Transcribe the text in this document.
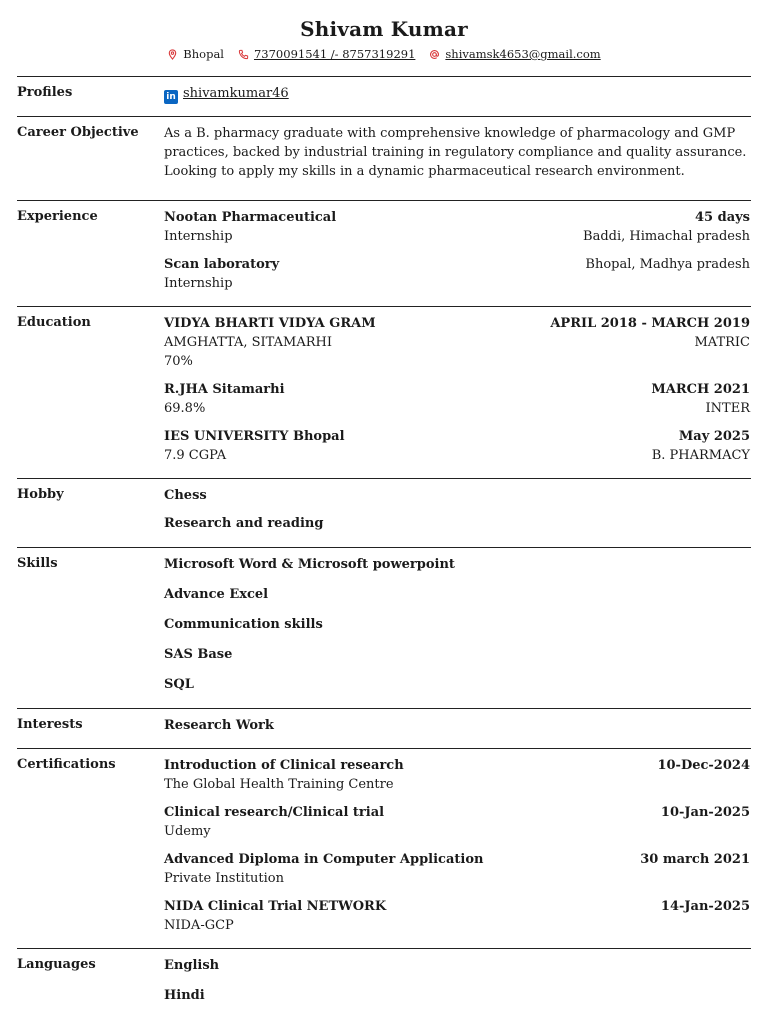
Shivam Kumar
Bhopal	7370091541 /- 8757319291	shivamsk4653@gmail.com
Profiles	in shivamkumar46
Career Objective As a B. pharmacy graduate with comprehensive knowledge of pharmacology and GMP
practices, backed by industrial training in regulatory compliance and quality assurance.
Looking to apply my skills in a dynamic pharmaceutical research environment.
Experience	Nootan Pharmaceutical	45 days
Internship	Baddi, Himachal pradesh
Scan laboratory	Bhopal, Madhya pradesh
Internship
Education	VIDYA BHARTI VIDYA GRAM	APRIL 2018 - MARCH 2019
AMGHATTA, SITAMARHI	MATRIC
70%
R.JHA Sitamarhi	MARCH 2021
69.8%	INTER
IES UNIVERSITY Bhopal	May 2025
7.9 CGPA	B. PHARMACY
Hobby	Chess
Research and reading
Skills	Microsoft Word & Microsoft powerpoint
Advance Excel
Communication skills
SAS Base
SQL
Interests	Research Work
Certifications	Introduction of Clinical research	10-Dec-2024
The Global Health Training Centre
Clinical research/Clinical trial	10-Jan-2025
Udemy
Advanced Diploma in Computer Application	30 march 2021
Private Institution
NIDA Clinical Trial NETWORK	14-Jan-2025
NIDA-GCP
Languages	English
Hindi
